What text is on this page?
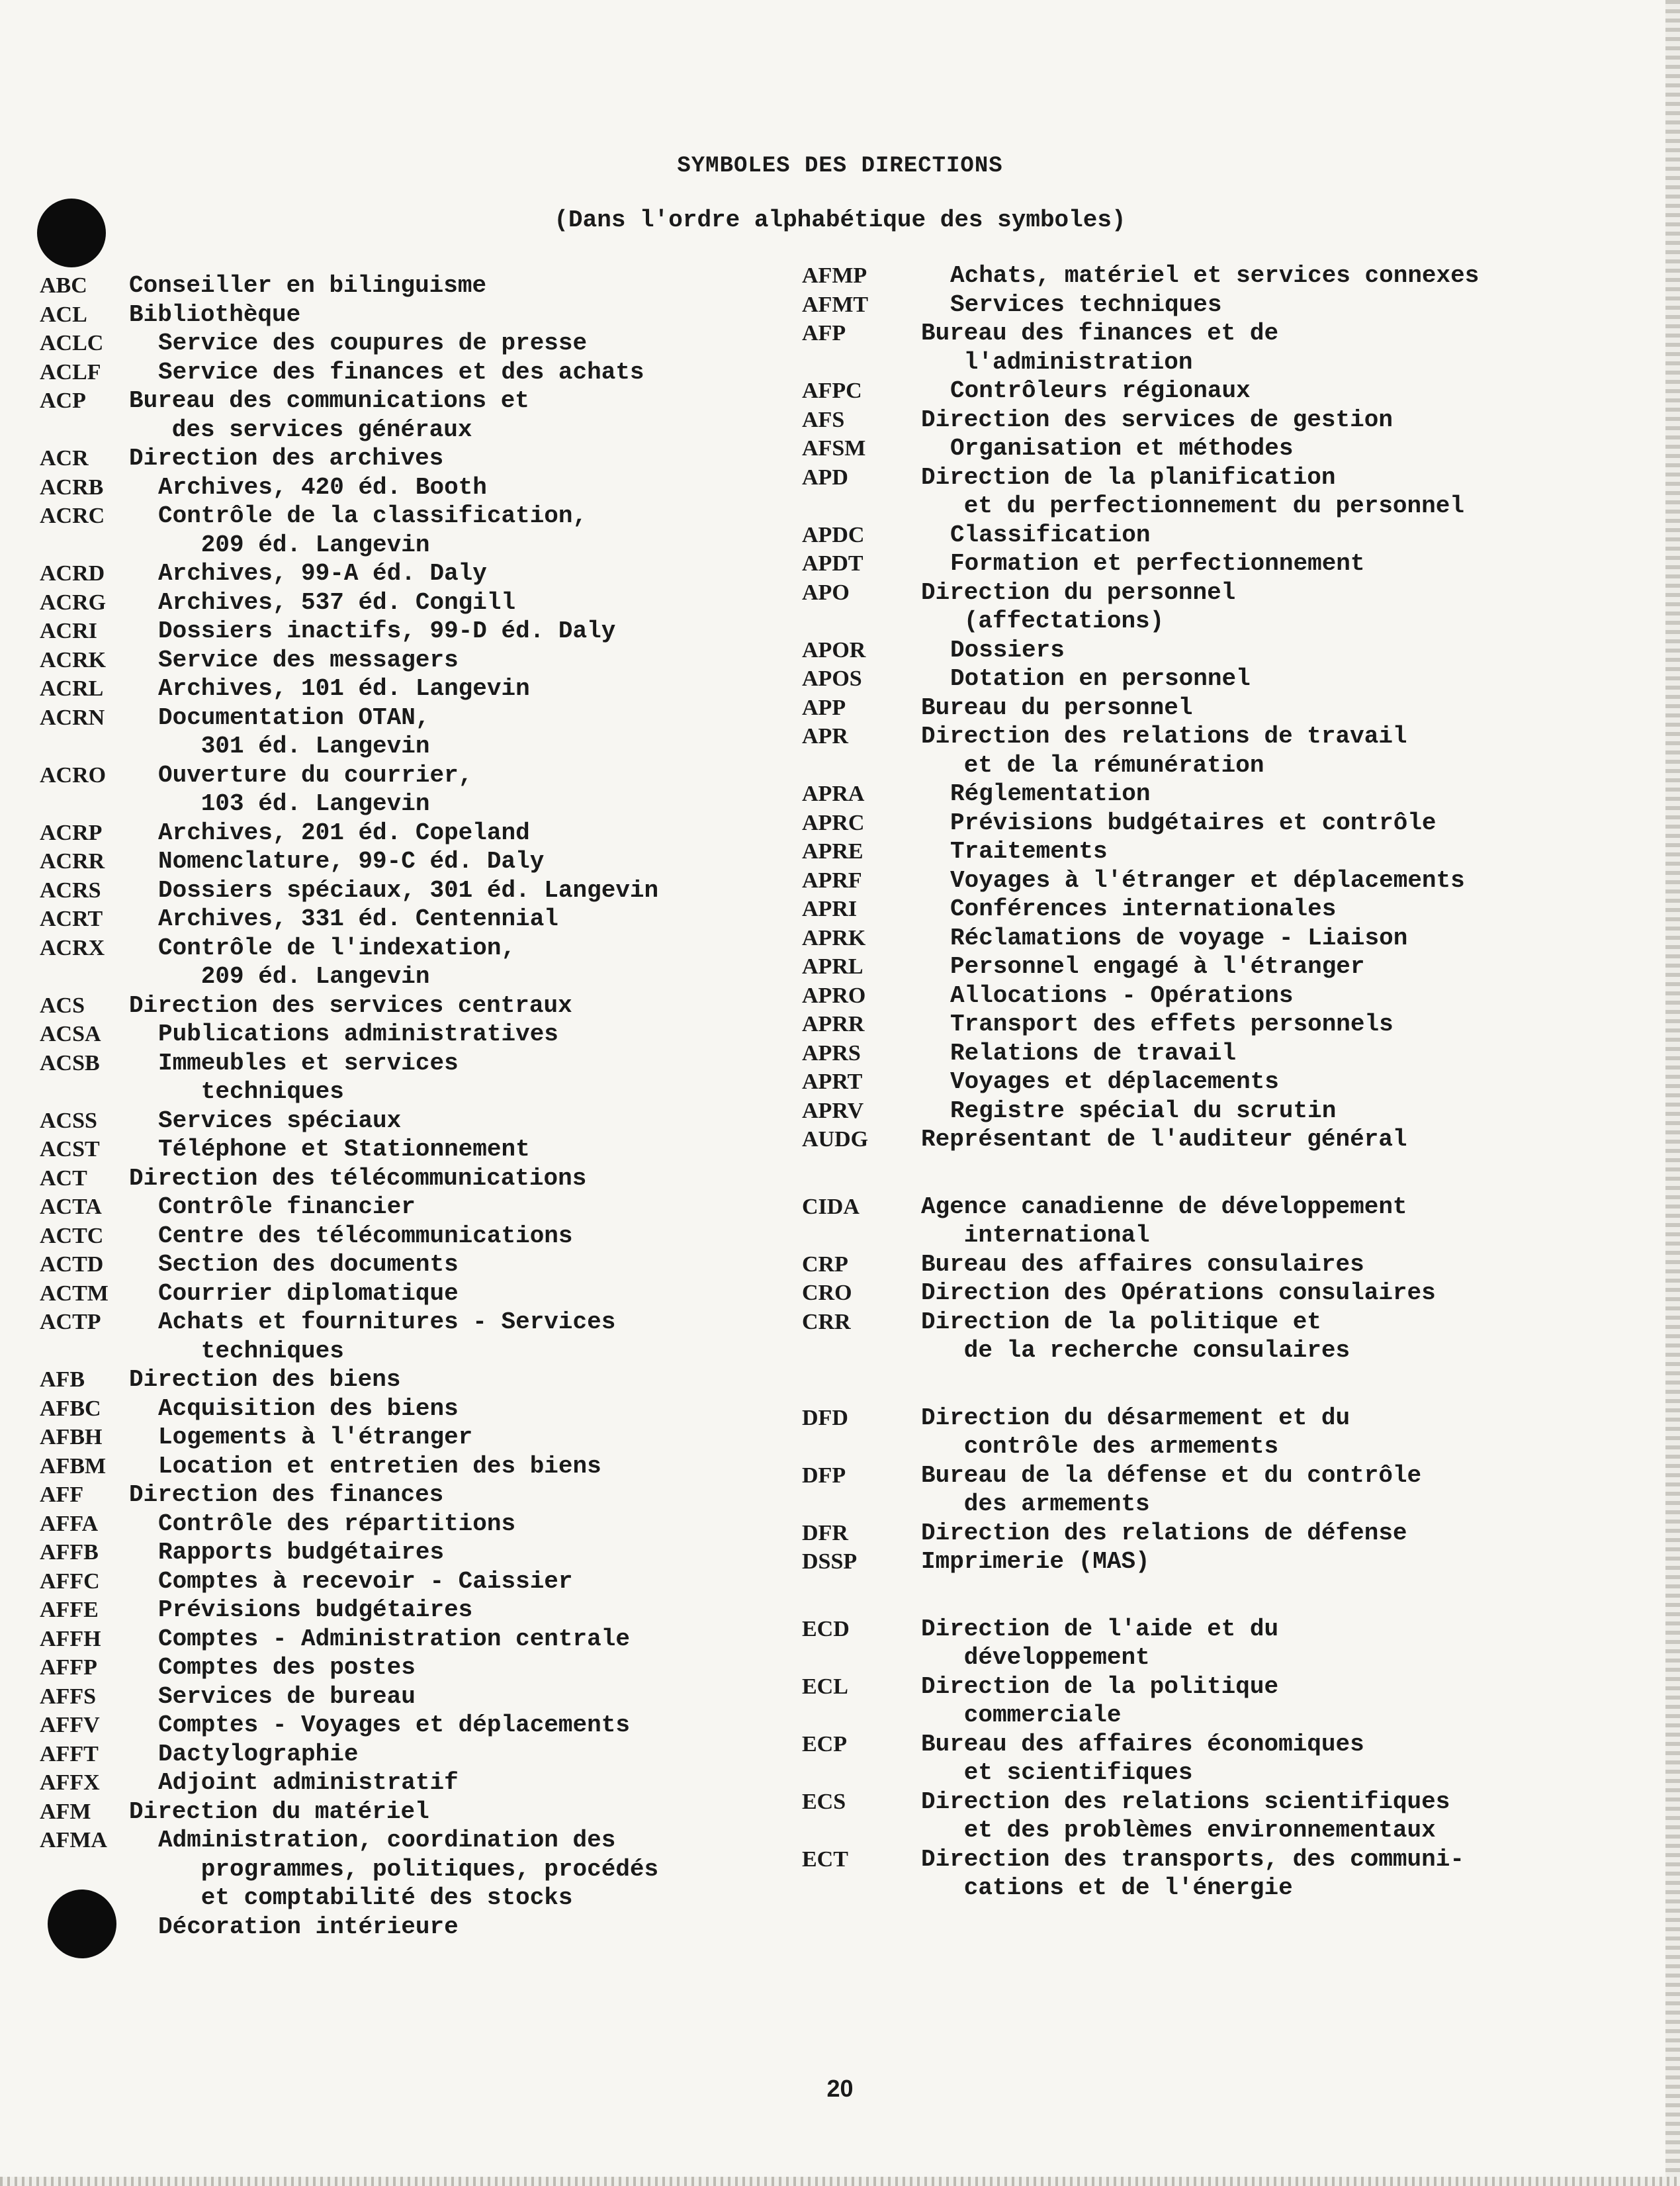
SYMBOLES DES DIRECTIONS
(Dans l'ordre alphabétique des symboles)
ABC	Conseiller en bilinguisme
ACL	Bibliothèque
ACLC	Service des coupures de presse
ACLF	Service des finances et des achats
ACP	Bureau des communications et
des services généraux
ACR	Direction des archives
ACRB	Archives, 420 éd. Booth
ACRC	Contrôle de la classification,
209 éd. Langevin
ACRD	Archives, 99-A éd. Daly
ACRG	Archives, 537 éd. Congill
ACRI	Dossiers inactifs, 99-D éd. Daly
ACRK	Service des messagers
ACRL	Archives, 101 éd. Langevin
ACRN	Documentation OTAN,
301 éd. Langevin
ACRO	Ouverture du courrier,
103 éd. Langevin
ACRP	Archives, 201 éd. Copeland
ACRR	Nomenclature, 99-C éd. Daly
ACRS	Dossiers spéciaux, 301 éd. Langevin
ACRT	Archives, 331 éd. Centennial
ACRX	Contrôle de l'indexation,
209 éd. Langevin
ACS	Direction des services centraux
ACSA	Publications administratives
ACSB	Immeubles et services
techniques
ACSS	Services spéciaux
ACST	Téléphone et Stationnement
ACT	Direction des télécommunications
ACTA	Contrôle financier
ACTC	Centre des télécommunications
ACTD	Section des documents
ACTM	Courrier diplomatique
ACTP	Achats et fournitures - Services
techniques
AFB	Direction des biens
AFBC	Acquisition des biens
AFBH	Logements à l'étranger
AFBM	Location et entretien des biens
AFF	Direction des finances
AFFA	Contrôle des répartitions
AFFB	Rapports budgétaires
AFFC	Comptes à recevoir - Caissier
AFFE	Prévisions budgétaires
AFFH	Comptes - Administration centrale
AFFP	Comptes des postes
AFFS	Services de bureau
AFFV	Comptes - Voyages et déplacements
AFFT	Dactylographie
AFFX	Adjoint administratif
AFM	Direction du matériel
AFMA	Administration, coordination des
programmes, politiques, procédés
et comptabilité des stocks
Décoration intérieure
AFMP	Achats, matériel et services connexes
AFMT	Services techniques
AFP	Bureau des finances et de
l'administration
AFPC	Contrôleurs régionaux
AFS	Direction des services de gestion
AFSM	Organisation et méthodes
APD	Direction de la planification
et du perfectionnement du personnel
APDC	Classification
APDT	Formation et perfectionnement
APO	Direction du personnel
(affectations)
APOR	Dossiers
APOS	Dotation en personnel
APP	Bureau du personnel
APR	Direction des relations de travail
et de la rémunération
APRA	Réglementation
APRC	Prévisions budgétaires et contrôle
APRE	Traitements
APRF	Voyages à l'étranger et déplacements
APRI	Conférences internationales
APRK	Réclamations de voyage - Liaison
APRL	Personnel engagé à l'étranger
APRO	Allocations - Opérations
APRR	Transport des effets personnels
APRS	Relations de travail
APRT	Voyages et déplacements
APRV	Registre spécial du scrutin
AUDG	Représentant de l'auditeur général
CIDA	Agence canadienne de développement
international
CRP	Bureau des affaires consulaires
CRO	Direction des Opérations consulaires
CRR	Direction de la politique et
de la recherche consulaires
DFD	Direction du désarmement et du
contrôle des armements
DFP	Bureau de la défense et du contrôle
des armements
DFR	Direction des relations de défense
DSSP	Imprimerie (MAS)
ECD	Direction de l'aide et du
développement
ECL	Direction de la politique
commerciale
ECP	Bureau des affaires économiques
et scientifiques
ECS	Direction des relations scientifiques
et des problèmes environnementaux
ECT	Direction des transports, des communi-
cations et de l'énergie
20
